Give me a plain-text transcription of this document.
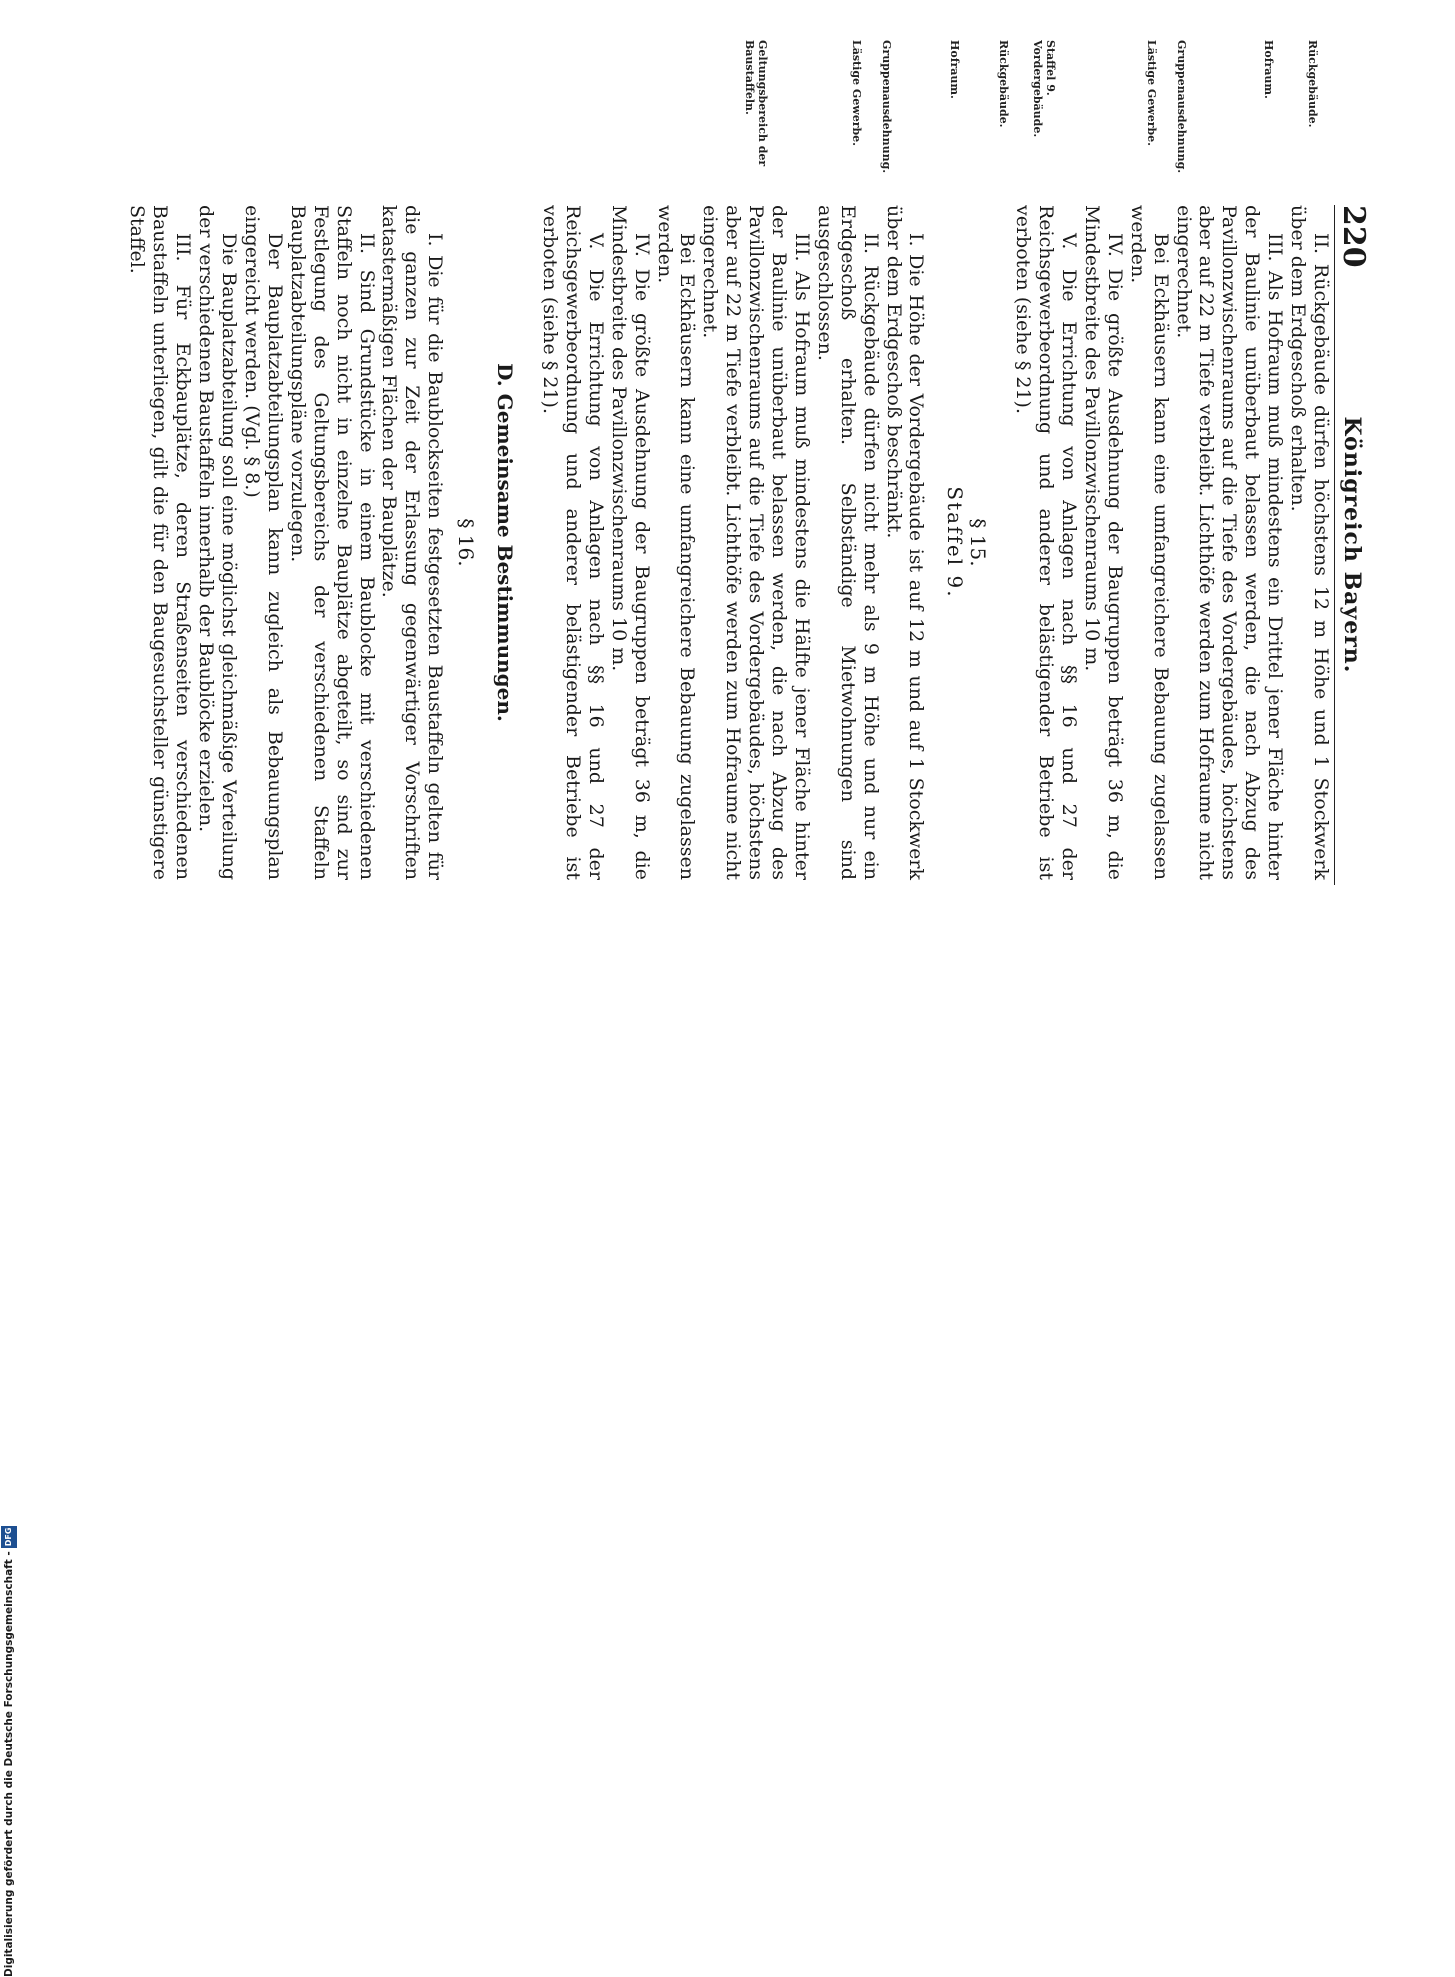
220
Königreich Bayern.
Rückgebäude.
Hofraum.
Gruppenausdehnung.
Lästige Gewerbe.
Staffel 9. Vordergebäude.
Rückgebäude.
Hofraum.
Gruppenausdehnung.
Lästige Gewerbe.
Geltungsbereich der Baustaffeln.

II. Rückgebäude dürfen höchstens 12 m Höhe und 1 Stockwerk über dem Erdgeschoß erhalten.

III. Als Hofraum muß mindestens ein Drittel jener Fläche hinter der Baulinie unüberbaut belassen werden, die nach Abzug des Pavillonzwischenraums auf die Tiefe des Vordergebäudes, höchstens aber auf 22 m Tiefe verbleibt. Lichthöfe werden zum Hofraume nicht eingerechnet.

Bei Eckhäusern kann eine umfangreichere Bebauung zugelassen werden.

IV. Die größte Ausdehnung der Baugruppen beträgt 36 m, die Mindestbreite des Pavillonzwischenraums 10 m.

V. Die Errichtung von Anlagen nach §§ 16 und 27 der Reichsgewerbeordnung und anderer belästigender Betriebe ist verboten (siehe § 21).

§ 15.

Staffel 9.

I. Die Höhe der Vordergebäude ist auf 12 m und auf 1 Stockwerk über dem Erdgeschoß beschränkt.

II. Rückgebäude dürfen nicht mehr als 9 m Höhe und nur ein Erdgeschoß erhalten. Selbständige Mietwohnungen sind ausgeschlossen.

III. Als Hofraum muß mindestens die Hälfte jener Fläche hinter der Baulinie unüberbaut belassen werden, die nach Abzug des Pavillonzwischenraums auf die Tiefe des Vordergebäudes, höchstens aber auf 22 m Tiefe verbleibt. Lichthöfe werden zum Hofraume nicht eingerechnet.

Bei Eckhäusern kann eine umfangreichere Bebauung zugelassen werden.

IV. Die größte Ausdehnung der Baugruppen beträgt 36 m, die Mindestbreite des Pavillonzwischenraums 10 m.

V. Die Errichtung von Anlagen nach §§ 16 und 27 der Reichsgewerbeordnung und anderer belästigender Betriebe ist verboten (siehe § 21).

D. Gemeinsame Bestimmungen.

§ 16.

I. Die für die Baublockseiten festgesetzten Baustaffeln gelten für die ganzen zur Zeit der Erlassung gegenwärtiger Vorschriften katastermäßigen Flächen der Bauplätze.

II. Sind Grundstücke in einem Baublocke mit verschiedenen Staffeln noch nicht in einzelne Bauplätze abgeteilt, so sind zur Festlegung des Geltungsbereichs der verschiedenen Staffeln Bauplatzabteilungspläne vorzulegen.

Der Bauplatzabteilungsplan kann zugleich als Bebauungsplan eingereicht werden. (Vgl. § 8.)

Die Bauplatzabteilung soll eine möglichst gleichmäßige Verteilung der verschiedenen Baustaffeln innerhalb der Baublöcke erzielen.

III. Für Eckbauplätze, deren Straßenseiten verschiedenen Baustaffeln unterliegen, gilt die für den Baugesuchsteller günstigere Staffel.

Digitalisierung gefördert durch die Deutsche Forschungsgemeinschaft -DFG
